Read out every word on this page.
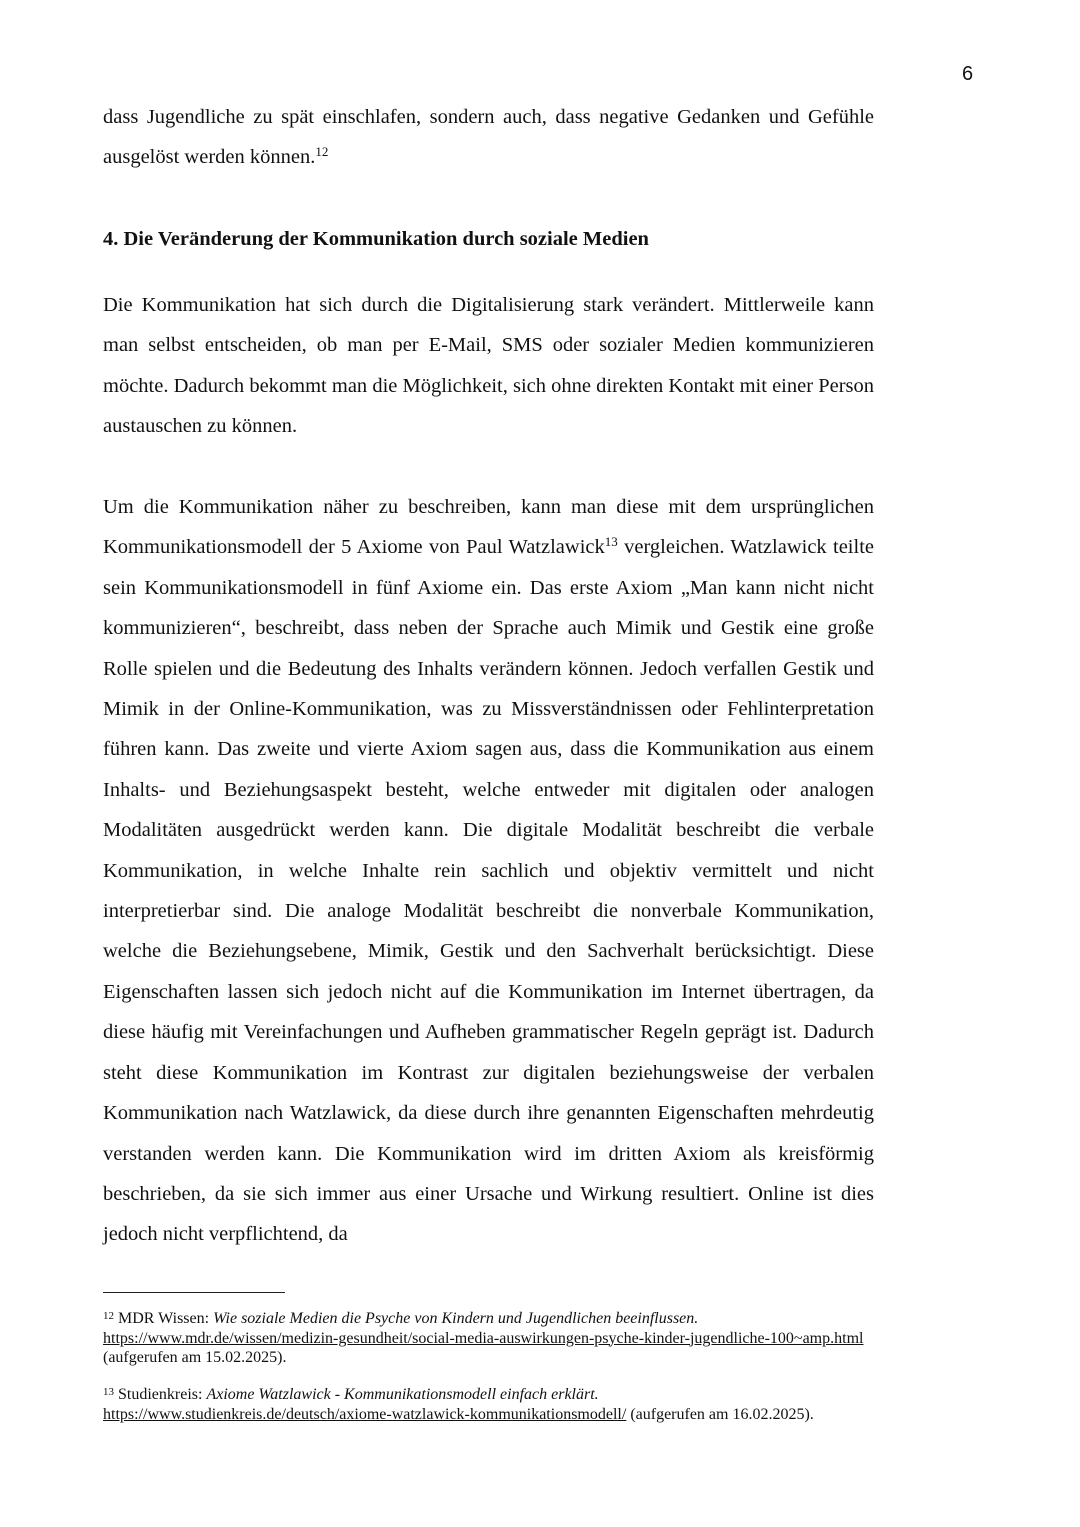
6

dass Jugendliche zu spät einschlafen, sondern auch, dass negative Gedanken und Gefühle ausgelöst werden können.$^{12}$

4. Die Veränderung der Kommunikation durch soziale Medien

Die Kommunikation hat sich durch die Digitalisierung stark verändert. Mittlerweile kann man selbst entscheiden, ob man per E-Mail, SMS oder sozialer Medien kommunizieren möchte. Dadurch bekommt man die Möglichkeit, sich ohne direkten Kontakt mit einer Person austauschen zu können.

Um die Kommunikation näher zu beschreiben, kann man diese mit dem ursprünglichen Kommunikationsmodell der 5 Axiome von Paul Watzlawick$^{13}$ vergleichen. Watzlawick teilte sein Kommunikationsmodell in fünf Axiome ein. Das erste Axiom „Man kann nicht nicht kommunizieren“, beschreibt, dass neben der Sprache auch Mimik und Gestik eine große Rolle spielen und die Bedeutung des Inhalts verändern können. Jedoch verfallen Gestik und Mimik in der Online-Kommunikation, was zu Missverständnissen oder Fehlinterpretation führen kann. Das zweite und vierte Axiom sagen aus, dass die Kommunikation aus einem Inhalts- und Beziehungsaspekt besteht, welche entweder mit digitalen oder analogen Modalitäten ausgedrückt werden kann. Die digitale Modalität beschreibt die verbale Kommunikation, in welche Inhalte rein sachlich und objektiv vermittelt und nicht interpretierbar sind. Die analoge Modalität beschreibt die nonverbale Kommunikation, welche die Beziehungsebene, Mimik, Gestik und den Sachverhalt berücksichtigt. Diese Eigenschaften lassen sich jedoch nicht auf die Kommunikation im Internet übertragen, da diese häufig mit Vereinfachungen und Aufheben grammatischer Regeln geprägt ist. Dadurch steht diese Kommunikation im Kontrast zur digitalen beziehungsweise der verbalen Kommunikation nach Watzlawick, da diese durch ihre genannten Eigenschaften mehrdeutig verstanden werden kann. Die Kommunikation wird im dritten Axiom als kreisförmig beschrieben, da sie sich immer aus einer Ursache und Wirkung resultiert. Online ist dies jedoch nicht verpflichtend, da

$^{12}$ MDR Wissen: Wie soziale Medien die Psyche von Kindern und Jugendlichen beeinflussen. https://www.mdr.de/wissen/medizin-gesundheit/social-media-auswirkungen-psyche-kinder-jugendliche-100~amp.html (aufgerufen am 15.02.2025).

$^{13}$ Studienkreis: Axiome Watzlawick - Kommunikationsmodell einfach erklärt. https://www.studienkreis.de/deutsch/axiome-watzlawick-kommunikationsmodell/ (aufgerufen am 16.02.2025).
